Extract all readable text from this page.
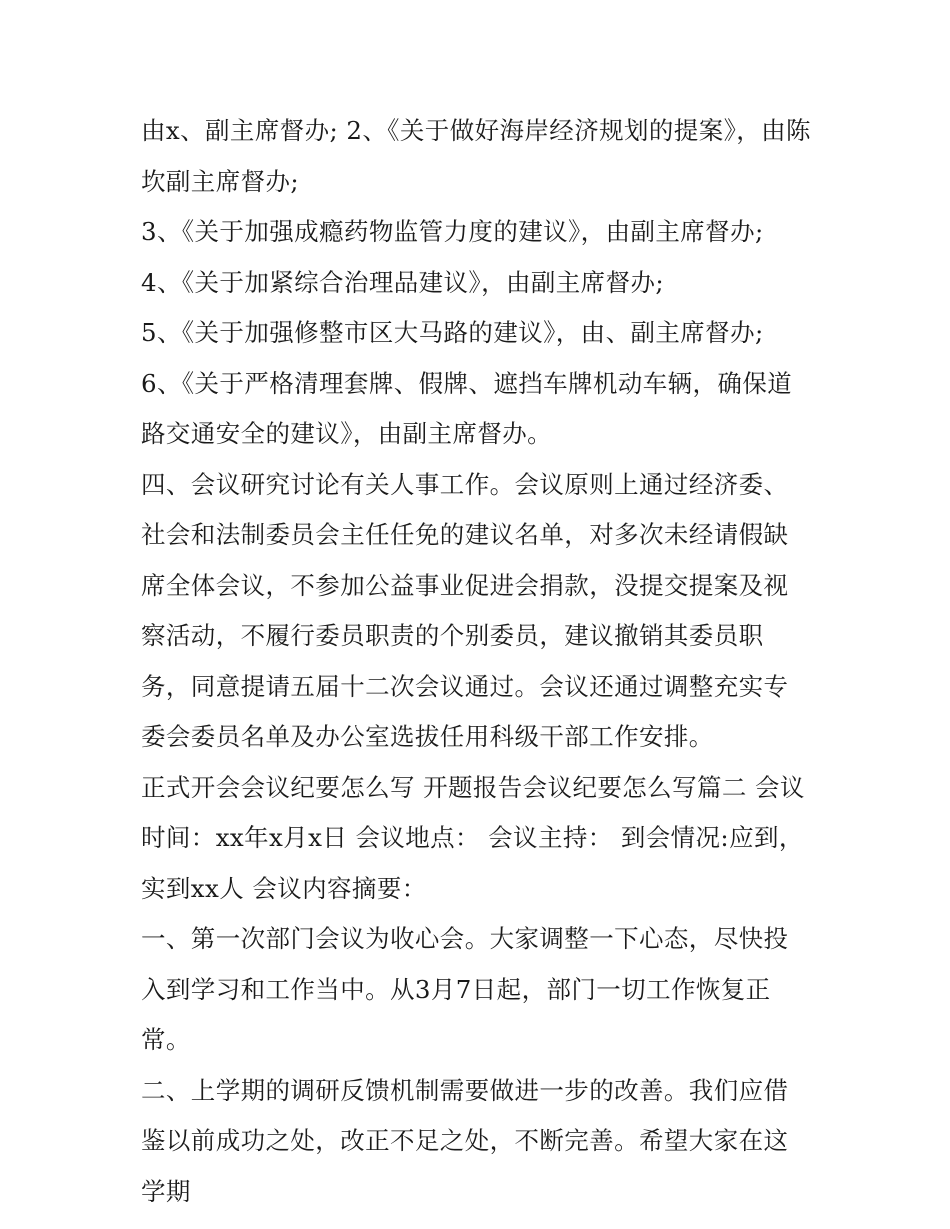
由x、副主席督办; 2、《关于做好海岸经济规划的提案》，由陈坎副主席督办;

3、《关于加强成瘾药物监管力度的建议》，由副主席督办;

4、《关于加紧综合治理品建议》，由副主席督办;

5、《关于加强修整市区大马路的建议》，由、副主席督办;

6、《关于严格清理套牌、假牌、遮挡车牌机动车辆，确保道路交通安全的建议》，由副主席督办。

四、会议研究讨论有关人事工作。会议原则上通过经济委、社会和法制委员会主任任免的建议名单，对多次未经请假缺席全体会议，不参加公益事业促进会捐款，没提交提案及视察活动，不履行委员职责的个别委员，建议撤销其委员职务，同意提请五届十二次会议通过。会议还通过调整充实专委会委员名单及办公室选拔任用科级干部工作安排。

正式开会会议纪要怎么写 开题报告会议纪要怎么写篇二 会议时间：xx年x月x日 会议地点： 会议主持： 到会情况:应到，实到xx人 会议内容摘要：

一、第一次部门会议为收心会。大家调整一下心态，尽快投入到学习和工作当中。从3月7日起，部门一切工作恢复正常。

二、上学期的调研反馈机制需要做进一步的改善。我们应借鉴以前成功之处，改正不足之处，不断完善。希望大家在这学期
